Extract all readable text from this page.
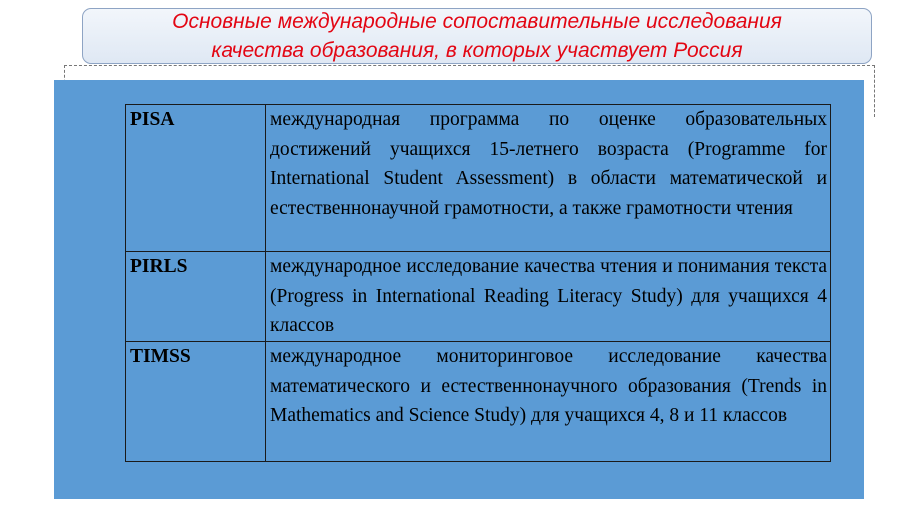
Основные международные сопоставительные исследования
качества образования, в которых участвует Россия

PISA	международная программа по оценке образовательных достижений учащихся 15-летнего возраста (Programme for International Student Assessment) в области математической и естественнонаучной грамотности, а также грамотности чтения
PIRLS	международное исследование качества чтения и понимания текста (Progress in International Reading Literacy Study) для учащихся 4 классов
TIMSS	международное мониторинговое исследование качества математического и естественнонаучного образования (Trends in Mathematics and Science Study) для учащихся 4, 8 и 11 классов
